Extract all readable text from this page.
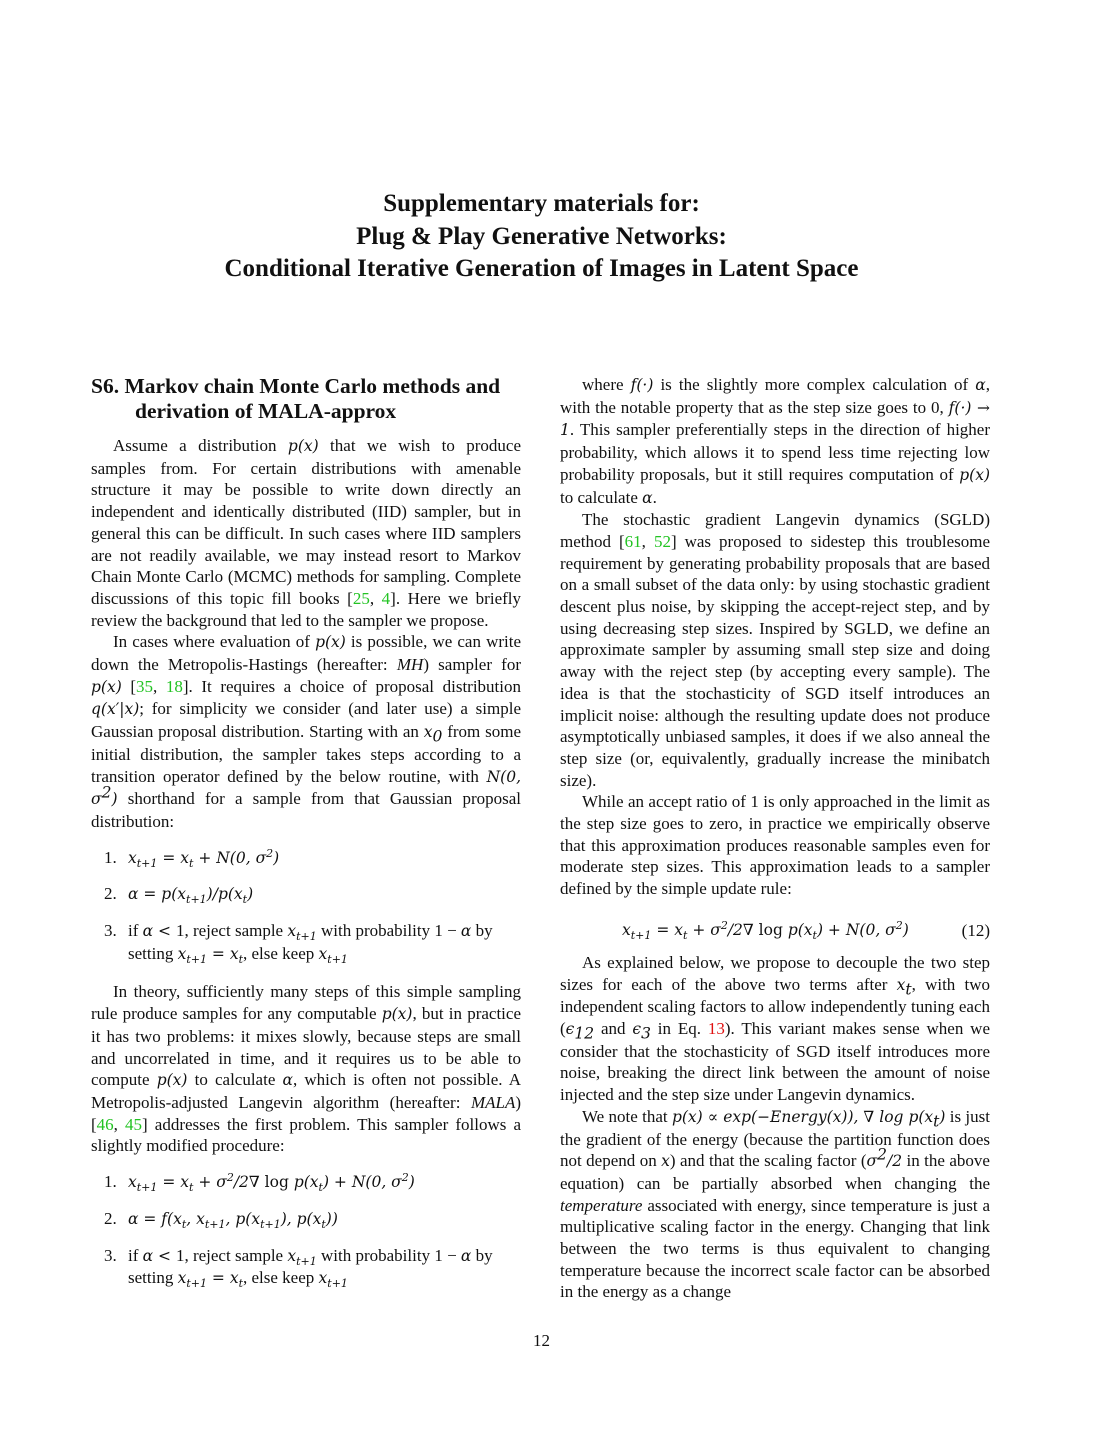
Supplementary materials for:
Plug & Play Generative Networks:
Conditional Iterative Generation of Images in Latent Space
S6. Markov chain Monte Carlo methods and derivation of MALA-approx

Assume a distribution p(x) that we wish to produce samples from. For certain distributions with amenable structure it may be possible to write down directly an independent and identically distributed (IID) sampler, but in general this can be difficult. In such cases where IID samplers are not readily available, we may instead resort to Markov Chain Monte Carlo (MCMC) methods for sampling. Complete discussions of this topic fill books [25, 4]. Here we briefly review the background that led to the sampler we propose.

In cases where evaluation of p(x) is possible, we can write down the Metropolis-Hastings (hereafter: MH) sampler for p(x) [35, 18]. It requires a choice of proposal distribution q(x′|x); for simplicity we consider (and later use) a simple Gaussian proposal distribution. Starting with an $x_0$ from some initial distribution, the sampler takes steps according to a transition operator defined by the below routine, with N(0, $\sigma^2$) shorthand for a sample from that Gaussian proposal distribution:

1. $x_{t+1} = x_t + N(0$, $\sigma^2$)
2. $\alpha = p(x_{t+1})/p(x_t)$
3. if α < 1, reject sample $x_{t+1}$ with probability 1 − α by setting $x_{t+1} = x_t$, else keep $x_{t+1}$

In theory, sufficiently many steps of this simple sampling rule produce samples for any computable p(x), but in practice it has two problems: it mixes slowly, because steps are small and uncorrelated in time, and it requires us to be able to compute p(x) to calculate α, which is often not possible. A Metropolis-adjusted Langevin algorithm (hereafter: MALA) [46, 45] addresses the first problem. This sampler follows a slightly modified procedure:

1. $x_{t+1} = x_t + \sigma^2/2\nabla$ $\log p(x_t) + N(0$, $\sigma^2$)
2. $\alpha = f(x_t$, $x_{t+1}$, $p(x_{t+1})$, $p(x_t)$)
3. if α < 1, reject sample $x_{t+1}$ with probability 1 − α by setting $x_{t+1} = x_t$, else keep $x_{t+1}$

where f(·) is the slightly more complex calculation of α, with the notable property that as the step size goes to 0, f(·) → 1. This sampler preferentially steps in the direction of higher probability, which allows it to spend less time rejecting low probability proposals, but it still requires computation of p(x) to calculate α.

The stochastic gradient Langevin dynamics (SGLD) method [61, 52] was proposed to sidestep this troublesome requirement by generating probability proposals that are based on a small subset of the data only: by using stochastic gradient descent plus noise, by skipping the accept-reject step, and by using decreasing step sizes. Inspired by SGLD, we define an approximate sampler by assuming small step size and doing away with the reject step (by accepting every sample). The idea is that the stochasticity of SGD itself introduces an implicit noise: although the resulting update does not produce asymptotically unbiased samples, it does if we also anneal the step size (or, equivalently, gradually increase the minibatch size).

While an accept ratio of 1 is only approached in the limit as the step size goes to zero, in practice we empirically observe that this approximation produces reasonable samples even for moderate step sizes. This approximation leads to a sampler defined by the simple update rule:

$x_{t+1} = x_t + \sigma^2/2\nabla$ $\log p(x_t) + N(0$, $\sigma^2$)	(12)

As explained below, we propose to decouple the two step sizes for each of the above two terms after $x_t$, with two independent scaling factors to allow independently tuning each ($\epsilon_{12}$ and $\epsilon_3$ in Eq. 13). This variant makes sense when we consider that the stochasticity of SGD itself introduces more noise, breaking the direct link between the amount of noise injected and the step size under Langevin dynamics.

We note that p(x) ∝ exp(−Energy(x)), ∇ $\log p(x_t)$ is just the gradient of the energy (because the partition function does not depend on x) and that the scaling factor ($\sigma^2/2$ in the above equation) can be partially absorbed when changing the temperature associated with energy, since temperature is just a multiplicative scaling factor in the energy. Changing that link between the two terms is thus equivalent to changing temperature because the incorrect scale factor can be absorbed in the energy as a change

12
